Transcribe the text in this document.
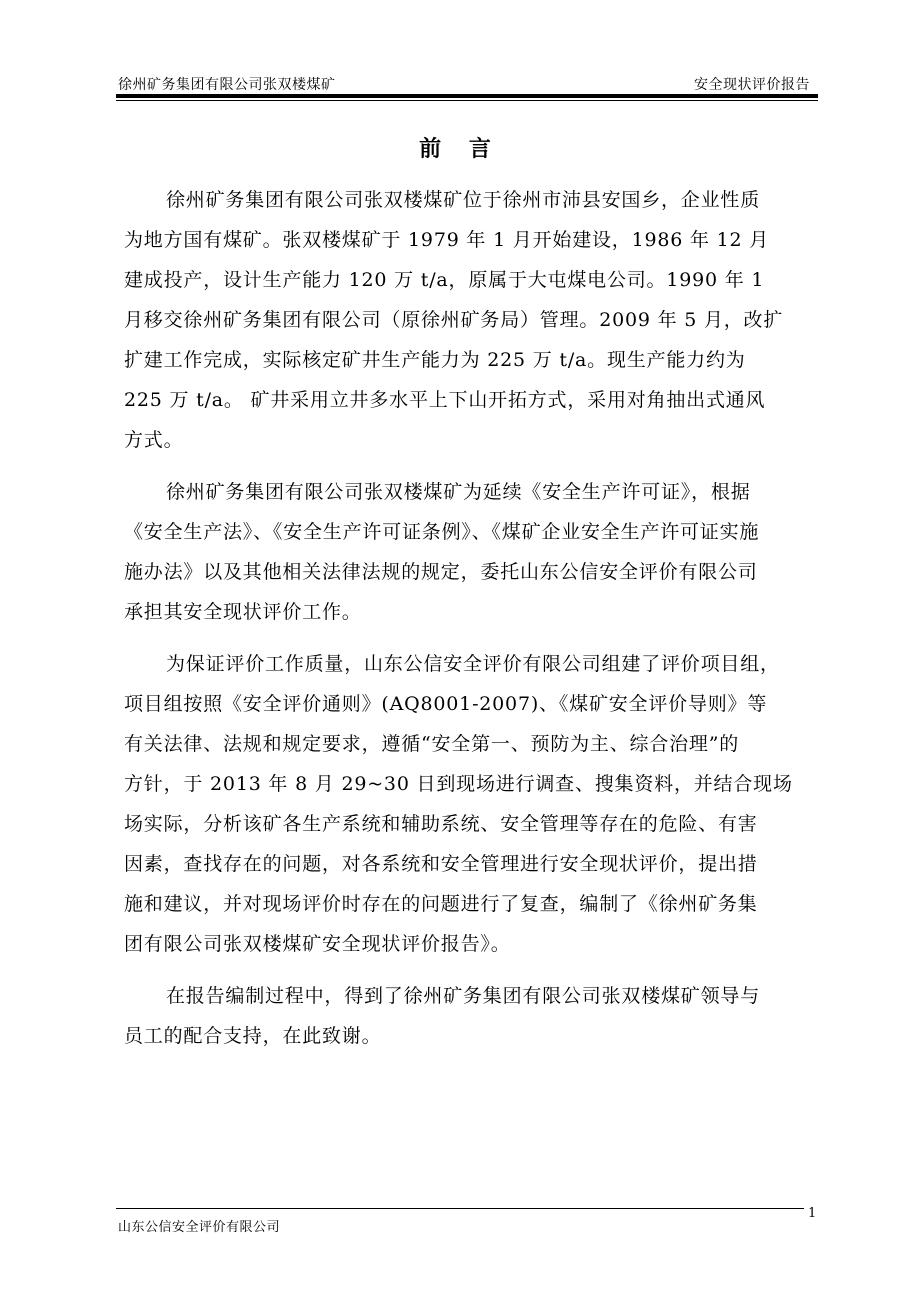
徐州矿务集团有限公司张双楼煤矿	安全现状评价报告
前 言

徐州矿务集团有限公司张双楼煤矿位于徐州市沛县安国乡，企业性质

为地方国有煤矿。张双楼煤矿于 1979 年 1 月开始建设，1986 年 12 月

建成投产，设计生产能力 120 万 t/a，原属于大屯煤电公司。1990 年 1

月移交徐州矿务集团有限公司（原徐州矿务局）管理。2009 年 5 月，改扩

扩建工作完成，实际核定矿井生产能力为 225 万 t/a。现生产能力约为

225 万 t/a。 矿井采用立井多水平上下山开拓方式，采用对角抽出式通风

方式。

徐州矿务集团有限公司张双楼煤矿为延续《安全生产许可证》，根据

《安全生产法》、《安全生产许可证条例》、《煤矿企业安全生产许可证实施

施办法》以及其他相关法律法规的规定，委托山东公信安全评价有限公司

承担其安全现状评价工作。

为保证评价工作质量，山东公信安全评价有限公司组建了评价项目组，

项目组按照《安全评价通则》(AQ8001-2007)、《煤矿安全评价导则》等

有关法律、法规和规定要求，遵循“安全第一、预防为主、综合治理”的

方针，于 2013 年 8 月 29~30 日到现场进行调查、搜集资料，并结合现场

场实际，分析该矿各生产系统和辅助系统、安全管理等存在的危险、有害

因素，查找存在的问题，对各系统和安全管理进行安全现状评价，提出措

施和建议，并对现场评价时存在的问题进行了复查，编制了《徐州矿务集

团有限公司张双楼煤矿安全现状评价报告》。

在报告编制过程中，得到了徐州矿务集团有限公司张双楼煤矿领导与

员工的配合支持，在此致谢。

山东公信安全评价有限公司
1
